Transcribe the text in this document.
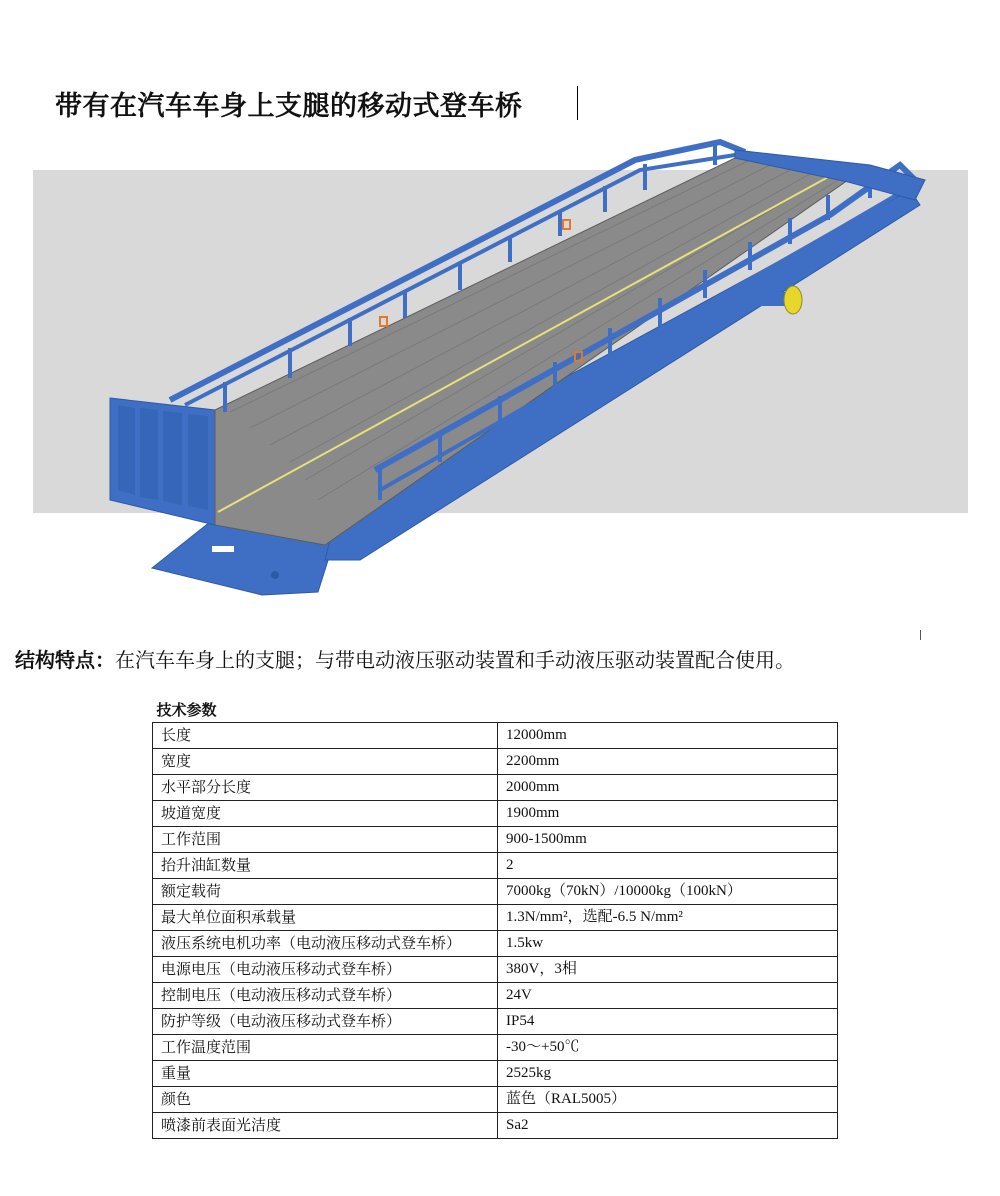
带有在汽车车身上支腿的移动式登车桥
结构特点：在汽车车身上的支腿；与带电动液压驱动装置和手动液压驱动装置配合使用。
技术参数	
长度	12000mm
宽度	2200mm
水平部分长度	2000mm
坡道宽度	1900mm
工作范围	900-1500mm
抬升油缸数量	2
额定载荷	7000kg（70kN）/10000kg（100kN）
最大单位面积承载量	1.3N/mm²，选配-6.5 N/mm²
液压系统电机功率（电动液压移动式登车桥）	1.5kw
电源电压（电动液压移动式登车桥）	380V，3相
控制电压（电动液压移动式登车桥）	24V
防护等级（电动液压移动式登车桥）	IP54
工作温度范围	-30～+50℃
重量	2525kg
颜色	蓝色（RAL5005）
喷漆前表面光洁度	Sa2
